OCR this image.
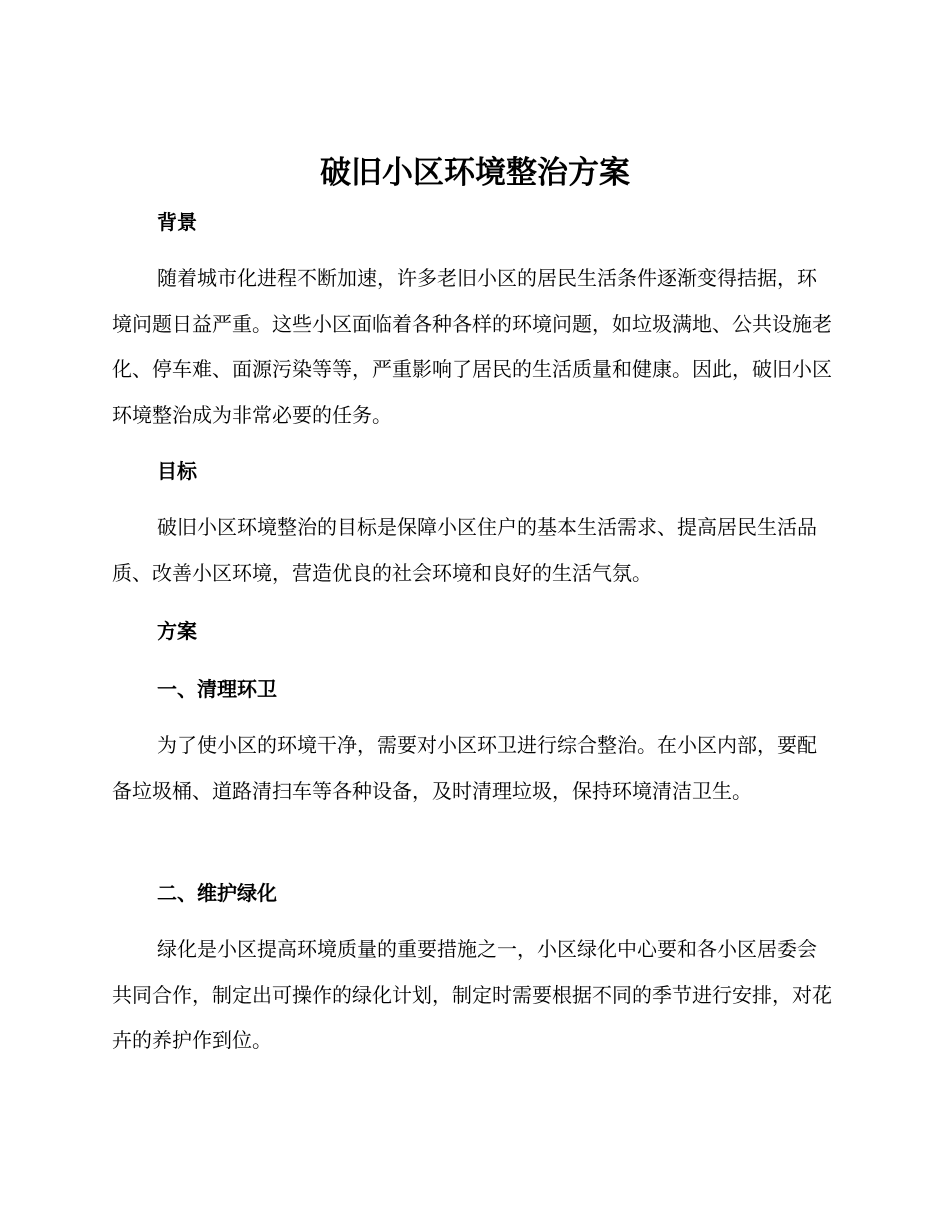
破旧小区环境整治方案
背景

随着城市化进程不断加速，许多老旧小区的居民生活条件逐渐变得拮据，环境问题日益严重。这些小区面临着各种各样的环境问题，如垃圾满地、公共设施老化、停车难、面源污染等等，严重影响了居民的生活质量和健康。因此，破旧小区环境整治成为非常必要的任务。

目标

破旧小区环境整治的目标是保障小区住户的基本生活需求、提高居民生活品质、改善小区环境，营造优良的社会环境和良好的生活气氛。

方案
一、清理环卫

为了使小区的环境干净，需要对小区环卫进行综合整治。在小区内部，要配备垃圾桶、道路清扫车等各种设备，及时清理垃圾，保持环境清洁卫生。

二、维护绿化

绿化是小区提高环境质量的重要措施之一，小区绿化中心要和各小区居委会共同合作，制定出可操作的绿化计划，制定时需要根据不同的季节进行安排，对花卉的养护作到位。
